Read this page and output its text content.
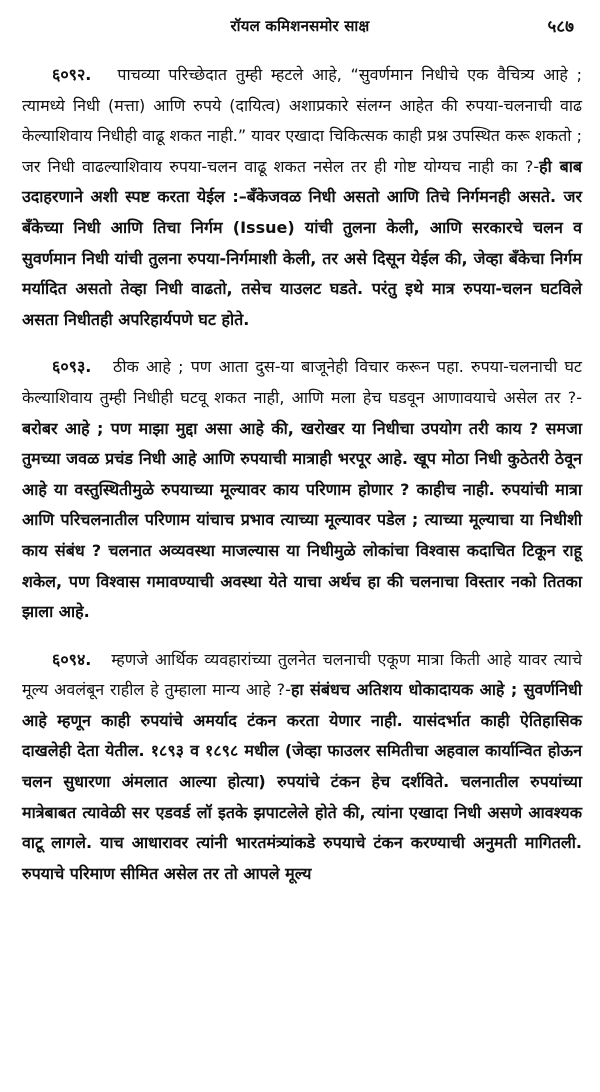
रॉयल कमिशनसमोर साक्ष	५८७

६०९२. पाचव्या परिच्छेदात तुम्ही म्हटले आहे, “सुवर्णमान निधीचे एक वैचित्र्य आहे ; त्यामध्ये निधी (मत्ता) आणि रुपये (दायित्व) अशाप्रकारे संलग्न आहेत की रुपया-चलनाची वाढ केल्याशिवाय निधीही वाढू शकत नाही.” यावर एखादा चिकित्सक काही प्रश्न उपस्थित करू शकतो ; जर निधी वाढल्याशिवाय रुपया-चलन वाढू शकत नसेल तर ही गोष्ट योग्यच नाही का ?-ही बाब उदाहरणाने अशी स्पष्ट करता येईल :–बँकेजवळ निधी असतो आणि तिचे निर्गमनही असते. जर बँकेच्या निधी आणि तिचा निर्गम (Issue) यांची तुलना केली, आणि सरकारचे चलन व सुवर्णमान निधी यांची तुलना रुपया-निर्गमाशी केली, तर असे दिसून येईल की, जेव्हा बँकेचा निर्गम मर्यादित असतो तेव्हा निधी वाढतो, तसेच याउलट घडते. परंतु इथे मात्र रुपया-चलन घटविले असता निधीतही अपरिहार्यपणे घट होते.

६०९३. ठीक आहे ; पण आता दुस-या बाजूनेही विचार करून पहा. रुपया-चलनाची घट केल्याशिवाय तुम्ही निधीही घटवू शकत नाही, आणि मला हेच घडवून आणावयाचे असेल तर ?-बरोबर आहे ; पण माझा मुद्दा असा आहे की, खरोखर या निधीचा उपयोग तरी काय ? समजा तुमच्या जवळ प्रचंड निधी आहे आणि रुपयाची मात्राही भरपूर आहे. खूप मोठा निधी कुठेतरी ठेवून आहे या वस्तुस्थितीमुळे रुपयाच्या मूल्यावर काय परिणाम होणार ? काहीच नाही. रुपयांची मात्रा आणि परिचलनातील परिणाम यांचाच प्रभाव त्याच्या मूल्यावर पडेल ; त्याच्या मूल्याचा या निधीशी काय संबंध ? चलनात अव्यवस्था माजल्यास या निधीमुळे लोकांचा विश्वास कदाचित टिकून राहू शकेल, पण विश्वास गमावण्याची अवस्था येते याचा अर्थच हा की चलनाचा विस्तार नको तितका झाला आहे.

६०९४. म्हणजे आर्थिक व्यवहारांच्या तुलनेत चलनाची एकूण मात्रा किती आहे यावर त्याचे मूल्य अवलंबून राहील हे तुम्हाला मान्य आहे ?-हा संबंधच अतिशय धोकादायक आहे ; सुवर्णनिधी आहे म्हणून काही रुपयांचे अमर्याद टंकन करता येणार नाही. यासंदर्भात काही ऐतिहासिक दाखलेही देता येतील. १८९३ व १८९८ मधील (जेव्हा फाउलर समितीचा अहवाल कार्यान्वित होऊन चलन सुधारणा अंमलात आल्या होत्या) रुपयांचे टंकन हेच दर्शविते. चलनातील रुपयांच्या मात्रेबाबत त्यावेळी सर एडवर्ड लॉ इतके झपाटलेले होते की, त्यांना एखादा निधी असणे आवश्यक वाटू लागले. याच आधारावर त्यांनी भारतमंत्र्यांकडे रुपयाचे टंकन करण्याची अनुमती मागितली. रुपयाचे परिमाण सीमित असेल तर तो आपले मूल्य
